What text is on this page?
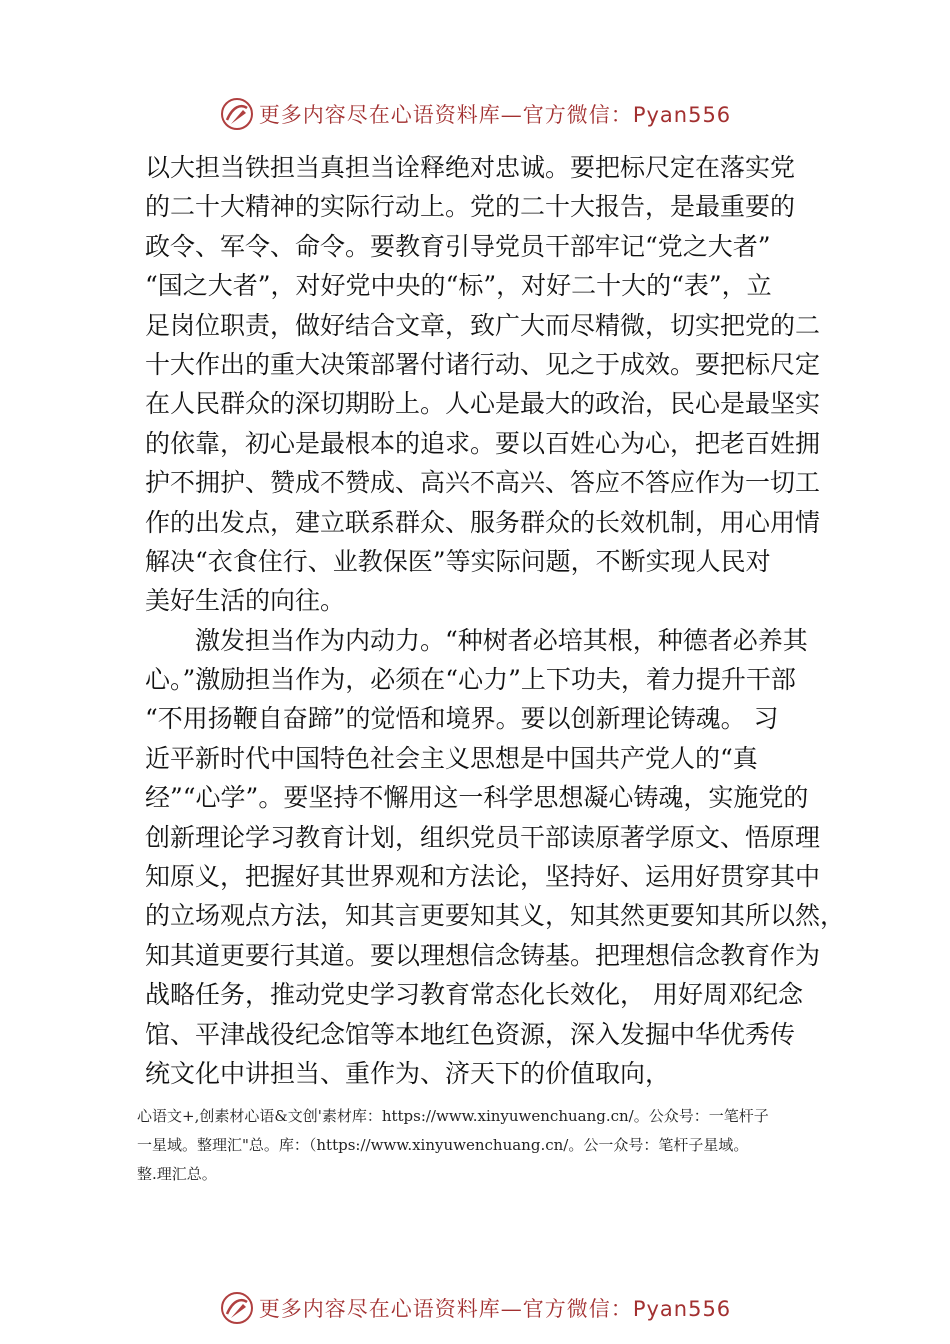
更多内容尽在心语资料库—官方微信：Pyan556
以大担当铁担当真担当诠释绝对忠诚。要把标尺定在落实党
的二十大精神的实际行动上。党的二十大报告，是最重要的
政令、军令、命令。要教育引导党员干部牢记“党之大者”
“国之大者”，对好党中央的“标”，对好二十大的“表”，立
足岗位职责，做好结合文章，致广大而尽精微，切实把党的二
十大作出的重大决策部署付诸行动、见之于成效。要把标尺定
在人民群众的深切期盼上。人心是最大的政治，民心是最坚实
的依靠，初心是最根本的追求。要以百姓心为心，把老百姓拥
护不拥护、赞成不赞成、高兴不高兴、答应不答应作为一切工
作的出发点，建立联系群众、服务群众的长效机制，用心用情
解决“衣食住行、业教保医”等实际问题，不断实现人民对
美好生活的向往。
　　激发担当作为内动力。“种树者必培其根，种德者必养其
心。”激励担当作为，必须在“心力”上下功夫，着力提升干部
“不用扬鞭自奋蹄”的觉悟和境界。要以创新理论铸魂。 习
近平新时代中国特色社会主义思想是中国共产党人的“真
经”“心学”。要坚持不懈用这一科学思想凝心铸魂，实施党的
创新理论学习教育计划，组织党员干部读原著学原文、悟原理
知原义，把握好其世界观和方法论，坚持好、运用好贯穿其中
的立场观点方法，知其言更要知其义，知其然更要知其所以然，
知其道更要行其道。要以理想信念铸基。把理想信念教育作为
战略任务，推动党史学习教育常态化长效化， 用好周邓纪念
馆、平津战役纪念馆等本地红色资源，深入发掘中华优秀传
统文化中讲担当、重作为、济天下的价值取向，
心语文+,创素材心语&文创'素材库：https://www.xinyuwenchuang.cn/。公众号：一笔杆子
一星域。整理汇"总。库：（https://www.xinyuwenchuang.cn/。公一众号：笔杆子星域。
整.理汇总。
更多内容尽在心语资料库—官方微信：Pyan556
